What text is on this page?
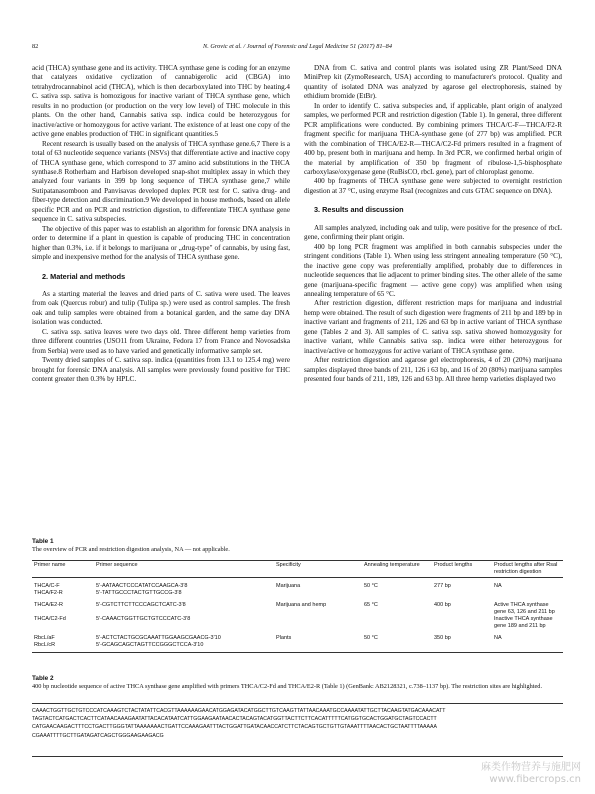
82	N. Grovic et al. / Journal of Forensic and Legal Medicine 51 (2017) 81–84

acid (THCA) synthase gene and its activity. THCA synthase gene is coding for an enzyme that catalyzes oxidative cyclization of cannabigerolic acid (CBGA) into tetrahydrocannabinol acid (THCA), which is then decarboxylated into THC by heating.4 C. sativa ssp. sativa is homozigous for inactive variant of THCA synthase gene, which results in no production (or production on the very low level) of THC molecule in this plants. On the other hand, Cannabis sativa ssp. indica could be heterozygous for inactive/active or homozygous for active variant. The existence of at least one copy of the active gene enables production of THC in significant quantities.5

Recent research is usually based on the analysis of THCA synthase gene.6,7 There is a total of 63 nucleotide sequence variants (NSVs) that differentiate active and inactive copy of THCA synthase gene, which correspond to 37 amino acid substitutions in the THCA synthase.8 Rotherham and Harbison developed snap-shot multiplex assay in which they analyzed four variants in 399 bp long sequence of THCA synthase gene,7 while Sutipatanasomboon and Panvisavas developed duplex PCR test for C. sativa drug- and fiber-type detection and discrimination.9 We developed in house methods, based on allele specific PCR and on PCR and restriction digestion, to differentiate THCA synthase gene sequence in C. sativa subspecies.

The objective of this paper was to establish an algorithm for forensic DNA analysis in order to determine if a plant in question is capable of producing THC in concentration higher than 0.3%, i.e. if it belongs to marijuana or „drug-type" of cannabis, by using fast, simple and inexpensive method for the analysis of THCA synthase gene.

2. Material and methods

As a starting material the leaves and dried parts of C. sativa were used. The leaves from oak (Quercus robur) and tulip (Tulipa sp.) were used as control samples. The fresh oak and tulip samples were obtained from a botanical garden, and the same day DNA isolation was conducted.

C. sativa ssp. sativa leaves were two days old. Three different hemp varieties from three different countries (USO11 from Ukraine, Fedora 17 from France and Novosadska from Serbia) were used as to have varied and genetically informative sample set.

Twenty dried samples of C. sativa ssp. indica (quantities from 13.1 to 125.4 mg) were brought for forensic DNA analysis. All samples were previously found positive for THC content greater then 0.3% by HPLC.

DNA from C. sativa and control plants was isolated using ZR Plant/Seed DNA MiniPrep kit (ZymoResearch, USA) according to manufacturer's protocol. Quality and quantity of isolated DNA was analyzed by agarose gel electrophoresis, stained by ethidium bromide (EtBr).

In order to identify C. sativa subspecies and, if applicable, plant origin of analyzed samples, we performed PCR and restriction digestion (Table 1). In general, three different PCR amplifications were conducted. By combining primers THCA/C-F—THCA/F2-R fragment specific for marijuana THCA-synthase gene (of 277 bp) was amplified. PCR with the combination of THCA/E2-R—THCA/C2-Fd primers resulted in a fragment of 400 bp, present both in marijuana and hemp. In 3rd PCR, we confirmed herbal origin of the material by amplification of 350 bp fragment of ribulose-1,5-bisphosphate carboxylase/oxygenase gene (RuBisCO, rbcL gene), part of chloroplast genome.

400 bp fragments of THCA synthase gene were subjected to overnight restriction digestion at 37 °C, using enzyme RsaI (recognizes and cuts GTAC sequence on DNA).

3. Results and discussion

All samples analyzed, including oak and tulip, were positive for the presence of rbcL gene, confirming their plant origin.

400 bp long PCR fragment was amplified in both cannabis subspecies under the stringent conditions (Table 1). When using less stringent annealing temperature (50 °C), the inactive gene copy was preferentially amplified, probably due to differences in nucleotide sequences that lie adjacent to primer binding sites. The other allele of the same gene (marijuana-specific fragment — active gene copy) was amplified when using annealing temperature of 65 °C.

After restriction digestion, different restriction maps for marijuana and industrial hemp were obtained. The result of such digestion were fragments of 211 bp and 189 bp in inactive variant and fragments of 211, 126 and 63 bp in active variant of THCA synthase gene (Tables 2 and 3). All samples of C. sativa ssp. sativa showed homozygosity for inactive variant, while Cannabis sativa ssp. indica were either heterozygous for inactive/active or homozygous for active variant of THCA synthase gene.

After restriction digestion and agarose gel electrophoresis, 4 of 20 (20%) marijuana samples displayed three bands of 211, 126 i 63 bp, and 16 of 20 (80%) marijuana samples presented four bands of 211, 189, 126 and 63 bp. All three hemp varieties displayed two

Table 1
The overview of PCR and restriction digestion analysis, NA — not applicable.
Primer name	Primer sequence	Specificity	Annealing temperature	Product lengths	Product lengths after RsaI restriction digestion
THCA/C-F	5'-AATAACTCCCATATCCAAGCA-3'8	Marijuana	50 °C	277 bp	NA
THCA/F2-R	5'-TATTGCCCTACTGTTGCCG-3'8				
THCA/E2-R	5'-CGTCTTCTTCCCAGCTCATC-3'8	Marijuana and hemp	65 °C	400 bp	Active THCA synthase gene 63, 126 and 211 bp
THCA/C2-Fd	5'-CAAACTGGTTGCTGTCCCATC-3'8				Inactive THCA synthase gene 189 and 211 bp
RbcL/aF	5'-ACTCTACTGCGCAAATTGGAAGCGAACG-3'10	Plants	50 °C	350 bp	NA
RbcL/cR	5'-GCAGCAGCTAGTTCCGGGCTCCA-3'10				
Table 2
400 bp nucleotide sequence of active THCA synthase gene amplified with primers THCA/C2-Fd and THCA/E2-R (Table 1) (GenBank: AB2128321, c.738–1137 bp). The restriction sites are highlighted.
CAAACTGGTTGCTGTCCCATCAAAGTCTACTATATTCACGTTAAAAAAGAACATGGAGATACATGGCTTGTCAAGTTATTAACAAATGCCAAAATATTGCTTACAAGTATGACAAACATT
TAGTACTCATGACTCACTTCATAACAAAGAATATTACACATAATCATTGGAAGAATAACACTACAGTACATGGTTACTTCTTCACATTTTTCATGGTGCACTGGATGCTAGTCCACTT
CATGAACAAGACTTTCCTGACTTGGGTATTAAAAAAACTGATTCCAAAGAATTTACTGGATTGATACAACCATCTTCTACAGTGCTGTTGTAAATTTTAACACTGCTAATTTTAAAAA
CGAAATTTTGCTTGATAGATCAGCTGGGAAGAAGACG
麻类作物营养与施肥网
www.fibercrops.cn
